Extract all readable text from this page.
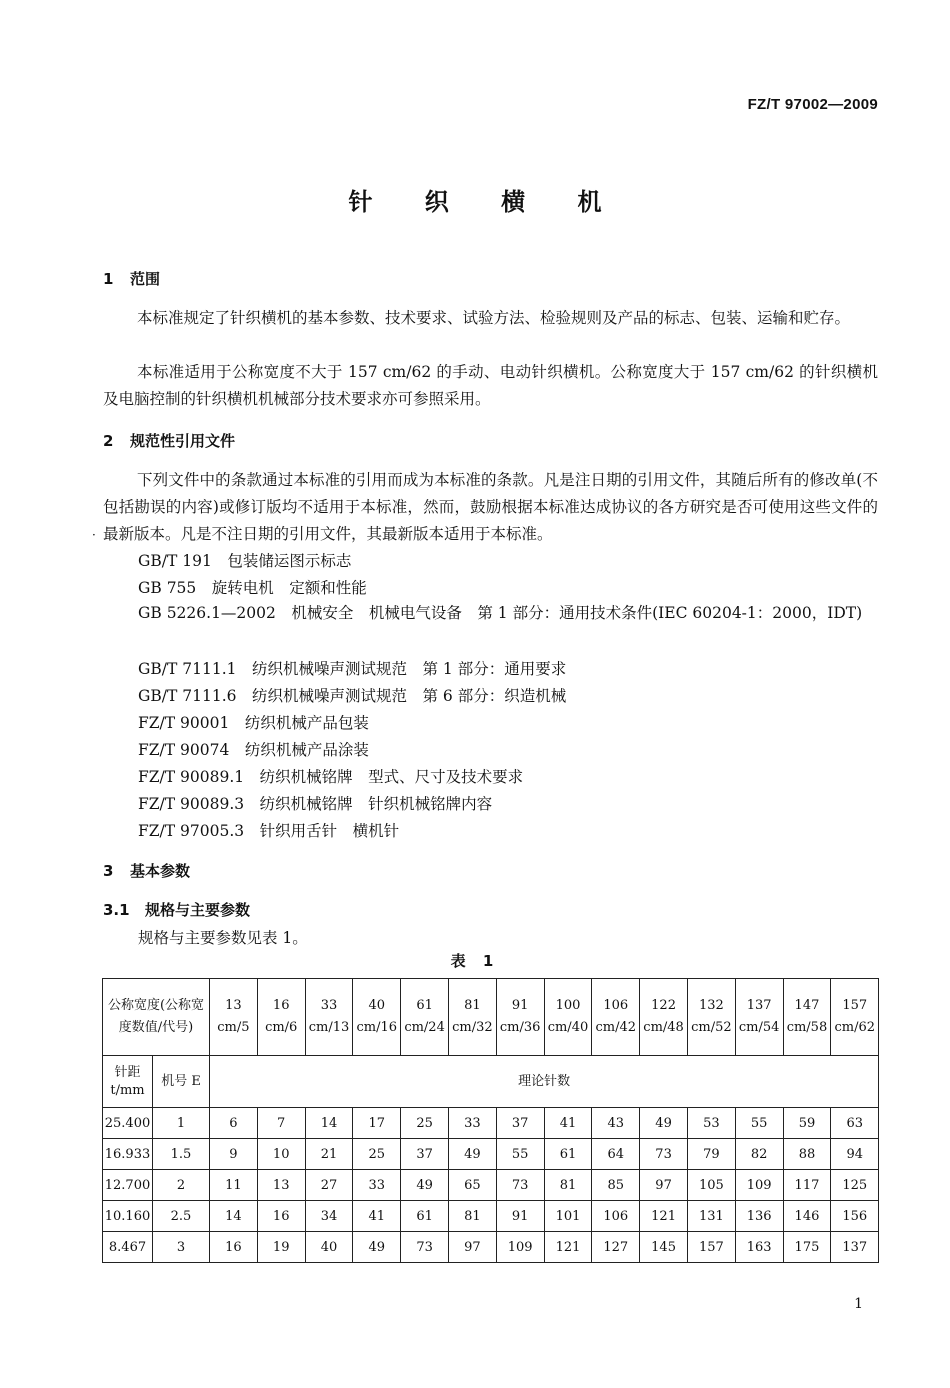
FZ/T 97002—2009
针 织 横 机
1 范围
本标准规定了针织横机的基本参数、技术要求、试验方法、检验规则及产品的标志、包装、运输和贮存。
本标准适用于公称宽度不大于 157 cm/62 的手动、电动针织横机。公称宽度大于 157 cm/62 的针织横机及电脑控制的针织横机机械部分技术要求亦可参照采用。
2 规范性引用文件
下列文件中的条款通过本标准的引用而成为本标准的条款。凡是注日期的引用文件，其随后所有的修改单(不包括勘误的内容)或修订版均不适用于本标准，然而，鼓励根据本标准达成协议的各方研究是否可使用这些文件的最新版本。凡是不注日期的引用文件，其最新版本适用于本标准。
·
GB/T 191　包装储运图示标志
GB 755　旋转电机　定额和性能
GB 5226.1—2002　机械安全　机械电气设备　第 1 部分：通用技术条件(IEC 60204-1：2000，IDT)
GB/T 7111.1　纺织机械噪声测试规范　第 1 部分：通用要求
GB/T 7111.6　纺织机械噪声测试规范　第 6 部分：织造机械
FZ/T 90001　纺织机械产品包装
FZ/T 90074　纺织机械产品涂装
FZ/T 90089.1　纺织机械铭牌　型式、尺寸及技术要求
FZ/T 90089.3　纺织机械铭牌　针织机械铭牌内容
FZ/T 97005.3　针织用舌针　横机针
3 基本参数
3.1 规格与主要参数
规格与主要参数见表 1。
表 1
公称宽度(公称宽度数值/代号)		13 cm/5	16 cm/6	33 cm/13	40 cm/16	61 cm/24	81 cm/32	91 cm/36	100 cm/40	106 cm/42	122 cm/48	132 cm/52	137 cm/54	147 cm/58	157 cm/62
针距 t/mm	机号 E	理论针数													
25.400	1	6	7	14	17	25	33	37	41	43	49	53	55	59	63
16.933	1.5	9	10	21	25	37	49	55	61	64	73	79	82	88	94
12.700	2	11	13	27	33	49	65	73	81	85	97	105	109	117	125
10.160	2.5	14	16	34	41	61	81	91	101	106	121	131	136	146	156
8.467	3	16	19	40	49	73	97	109	121	127	145	157	163	175	137
1
